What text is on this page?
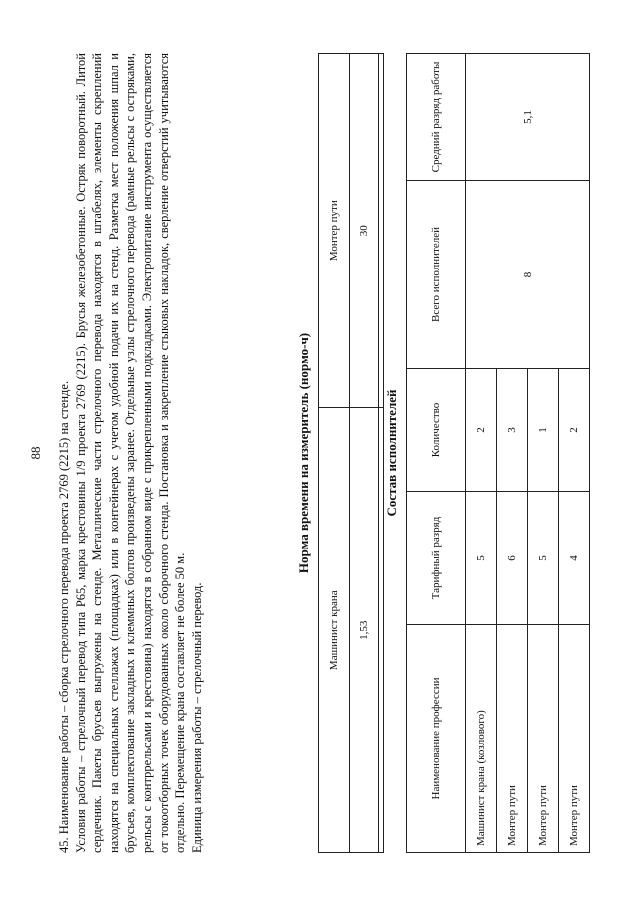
88 45. Наименование работы – сборка стрелочного перевода проекта 2769 (2215) на стенде. Условия работы – стрелочный перевод типа Р65, марка крестовины 1/9 проекта 2769 (2215). Брусья железобетонные. Остряк поворотный. Литой сердечник. Пакеты брусьев выгружены на стенде. Металлические части стрелочного перевода находятся в штабелях, элементы скреплений находятся на специальных стеллажах (площадках) или в контейнерах с учетом удобной подачи их на стенд. Разметка мест положения шпал и брусьев, комплектование закладных и клеммных болтов произведены заранее. Отдельные узлы стрелочного перевода (рамные рельсы с остряками, рельсы с контррельсами и крестовина) находятся в собранном виде с прикрепленными подкладками. Электропитание инструмента осуществляется от токоотборных точек оборудованных около сборочного стенда. Постановка и закрепление стыковых накладок, сверление отверстий учитываются отдельно. Перемещение крана составляет не более 50 м. Единица измерения работы – стрелочный перевод.

Норма времени на измеритель (нормо-ч)
Машинист крана	Монтер пути
1,53	30

Состав исполнителей
Наименование профессии	Тарифный разряд	Количество	Всего исполнителей	Средний разряд работы
Машинист крана (козлового)	5	2	8	5,1
Монтер пути	6	3		
Монтер пути	5	1		
Монтер пути	4	2		
